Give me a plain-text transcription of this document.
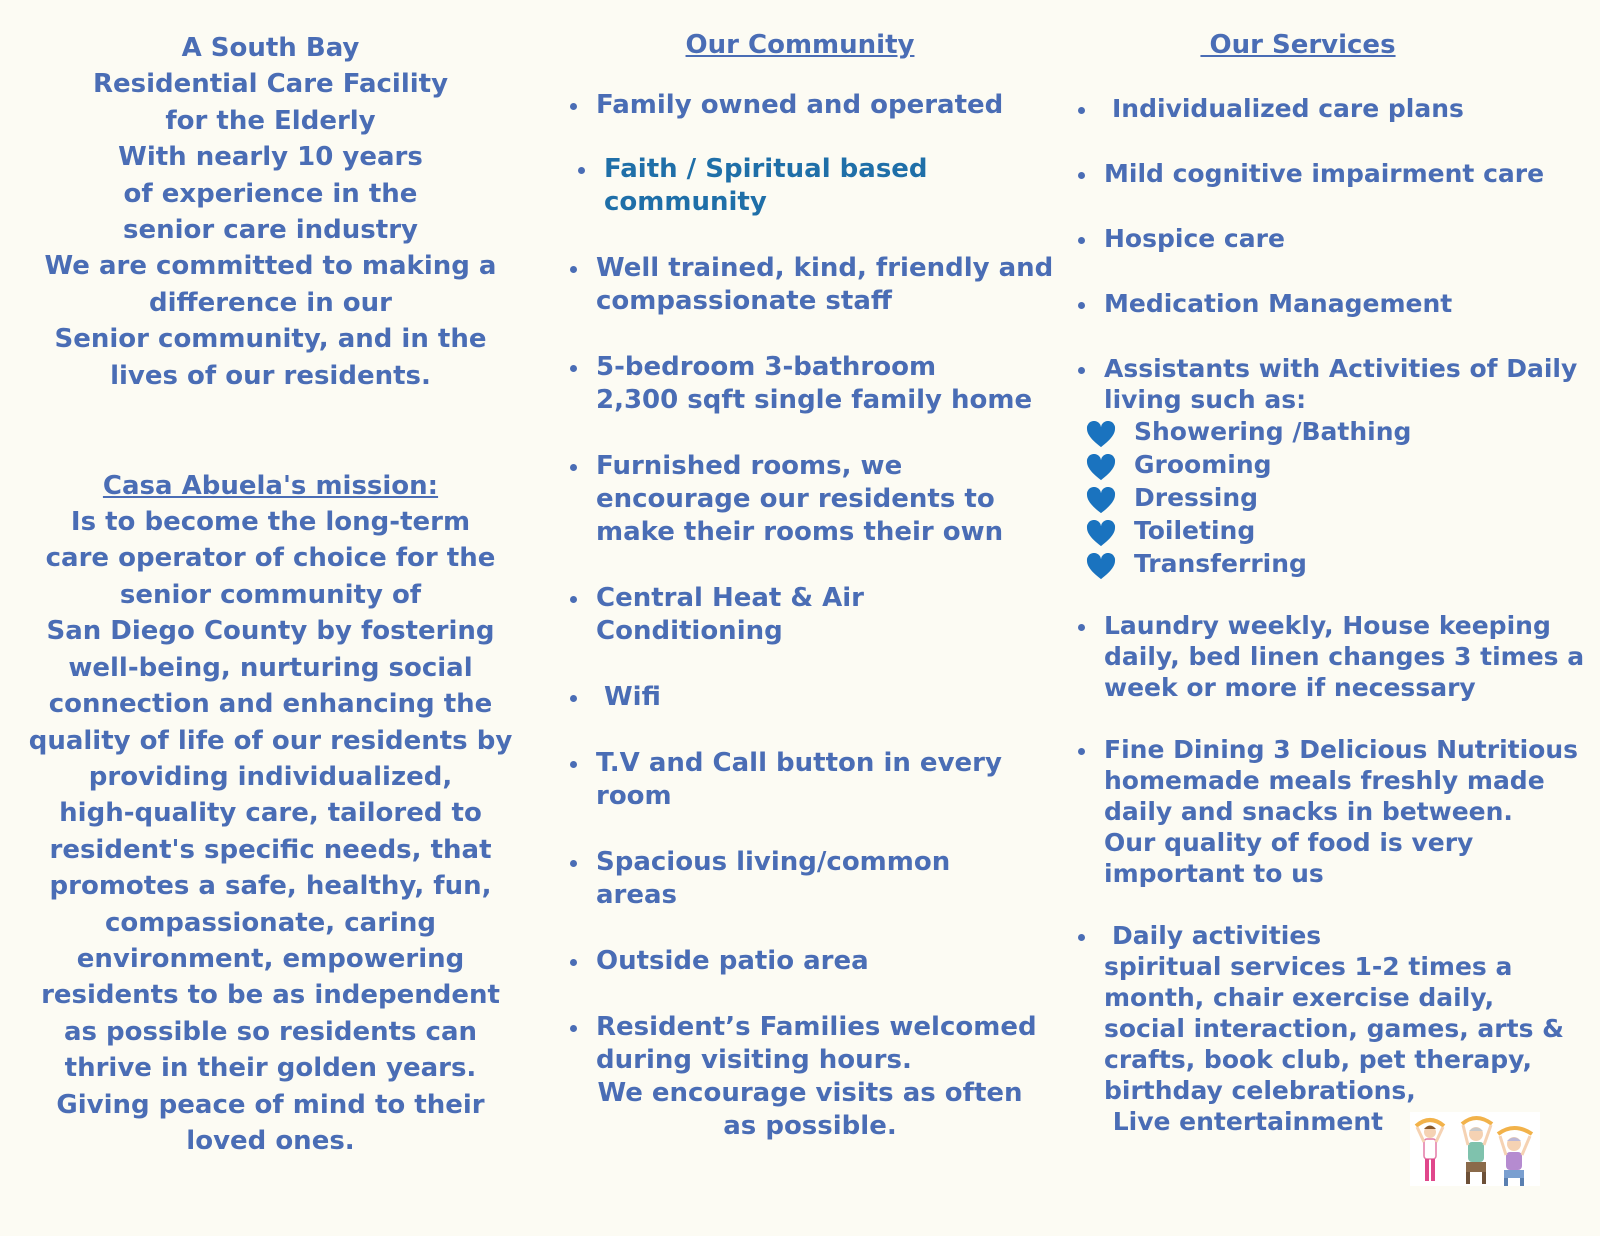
A South Bay
Residential Care Facility
for the Elderly
With nearly 10 years
of experience in the
senior care industry
We are committed to making a
difference in our
Senior community, and in the
lives of our residents.
Casa Abuela's mission:
Is to become the long-term
care operator of choice for the
senior community of
San Diego County by fostering
well-being, nurturing social
connection and enhancing the
quality of life of our residents by
providing individualized,
high-quality care, tailored to
resident's specific needs, that
promotes a safe, healthy, fun,
compassionate, caring
environment, empowering
residents to be as independent
as possible so residents can
thrive in their golden years.
Giving peace of mind to their
loved ones.
Our Community
Family owned and operated
Faith / Spiritual based
community
Well trained, kind, friendly and
compassionate staff
5-bedroom 3-bathroom
2,300 sqft single family home
Furnished rooms, we
encourage our residents to
make their rooms their own
Central Heat & Air
Conditioning
Wifi
T.V and Call button in every
room
Spacious living/common
areas
Outside patio area
Resident’s Families welcomed
during visiting hours.
We encourage visits as often
as possible.
Our Services
Individualized care plans
Mild cognitive impairment care
Hospice care
Medication Management
Assistants with Activities of Daily
living such as:
Showering /Bathing
Grooming
Dressing
Toileting
Transferring
Laundry weekly, House keeping
daily, bed linen changes 3 times a
week or more if necessary
Fine Dining 3 Delicious Nutritious
homemade meals freshly made
daily and snacks in between.
Our quality of food is very
important to us
Daily activities
spiritual services 1-2 times a
month, chair exercise daily,
social interaction, games, arts &
crafts, book club, pet therapy,
birthday celebrations,
Live entertainment
